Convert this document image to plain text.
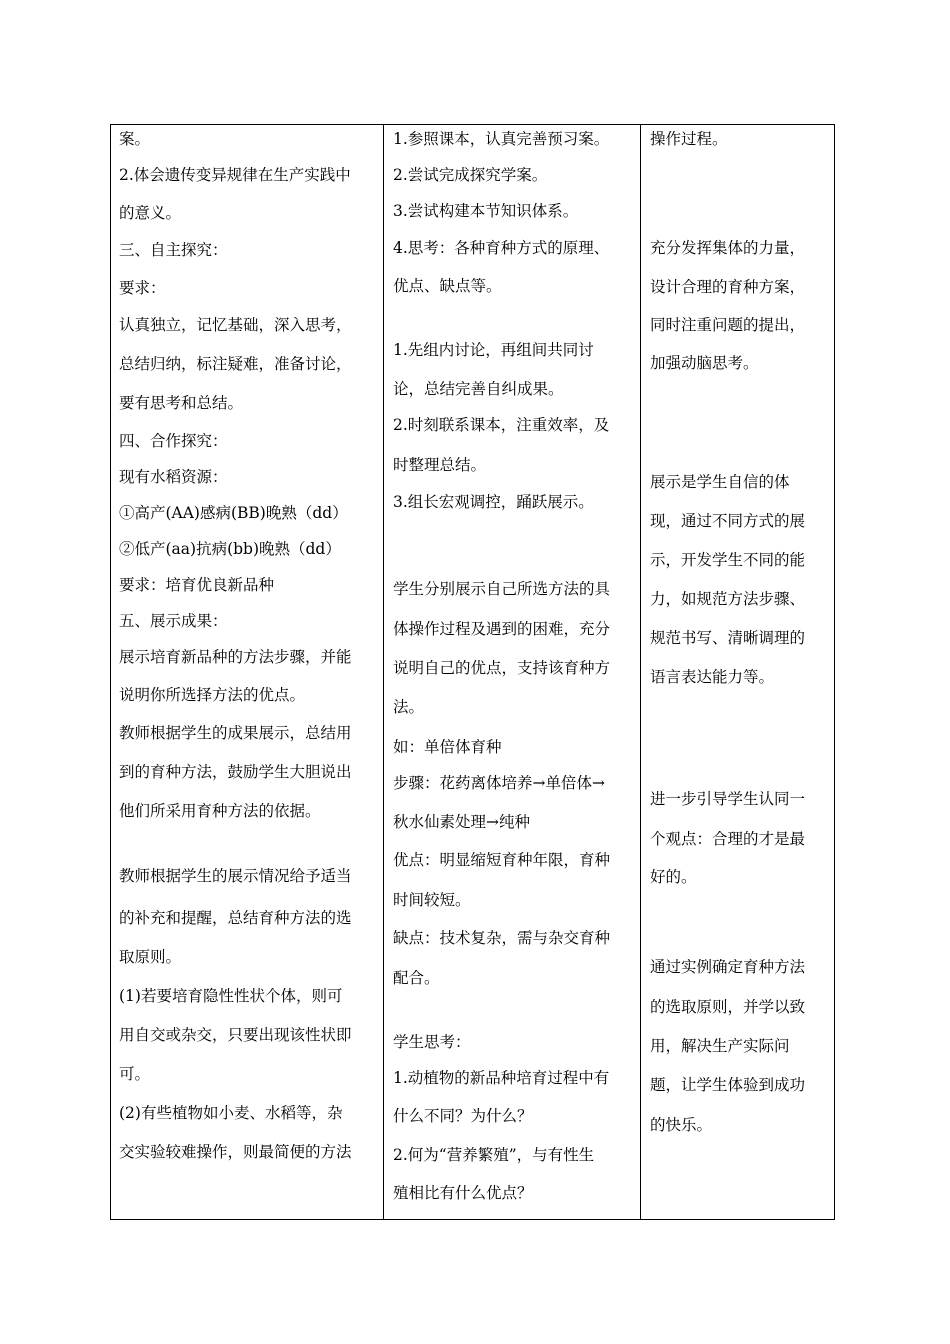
案。
2.体会遗传变异规律在生产实践中
的意义。
三、自主探究：
要求：
认真独立，记忆基础，深入思考，
总结归纳，标注疑难，准备讨论，
要有思考和总结。
四、合作探究：
现有水稻资源：
①高产(AA)感病(BB)晚熟（dd）
②低产(aa)抗病(bb)晚熟（dd）
要求：培育优良新品种
五、展示成果：
展示培育新品种的方法步骤，并能
说明你所选择方法的优点。
教师根据学生的成果展示，总结用
到的育种方法，鼓励学生大胆说出
他们所采用育种方法的依据。
教师根据学生的展示情况给予适当
的补充和提醒，总结育种方法的选
取原则。
(1)若要培育隐性性状个体，则可
用自交或杂交，只要出现该性状即
可。
(2)有些植物如小麦、水稻等，杂
交实验较难操作，则最简便的方法

1.参照课本，认真完善预习案。
2.尝试完成探究学案。
3.尝试构建本节知识体系。
4.思考：各种育种方式的原理、
优点、缺点等。
1.先组内讨论，再组间共同讨
论，总结完善自纠成果。
2.时刻联系课本，注重效率，及
时整理总结。
3.组长宏观调控，踊跃展示。
学生分别展示自己所选方法的具
体操作过程及遇到的困难，充分
说明自己的优点，支持该育种方
法。
如：单倍体育种
步骤：花药离体培养→单倍体→
秋水仙素处理→纯种
优点：明显缩短育种年限，育种
时间较短。
缺点：技术复杂，需与杂交育种
配合。
学生思考：
1.动植物的新品种培育过程中有
什么不同？为什么？
2.何为“营养繁殖”，与有性生
殖相比有什么优点？

操作过程。
充分发挥集体的力量，
设计合理的育种方案，
同时注重问题的提出，
加强动脑思考。
展示是学生自信的体
现，通过不同方式的展
示，开发学生不同的能
力，如规范方法步骤、
规范书写、清晰调理的
语言表达能力等。
进一步引导学生认同一
个观点：合理的才是最
好的。
通过实例确定育种方法
的选取原则，并学以致
用，解决生产实际问
题，让学生体验到成功
的快乐。
